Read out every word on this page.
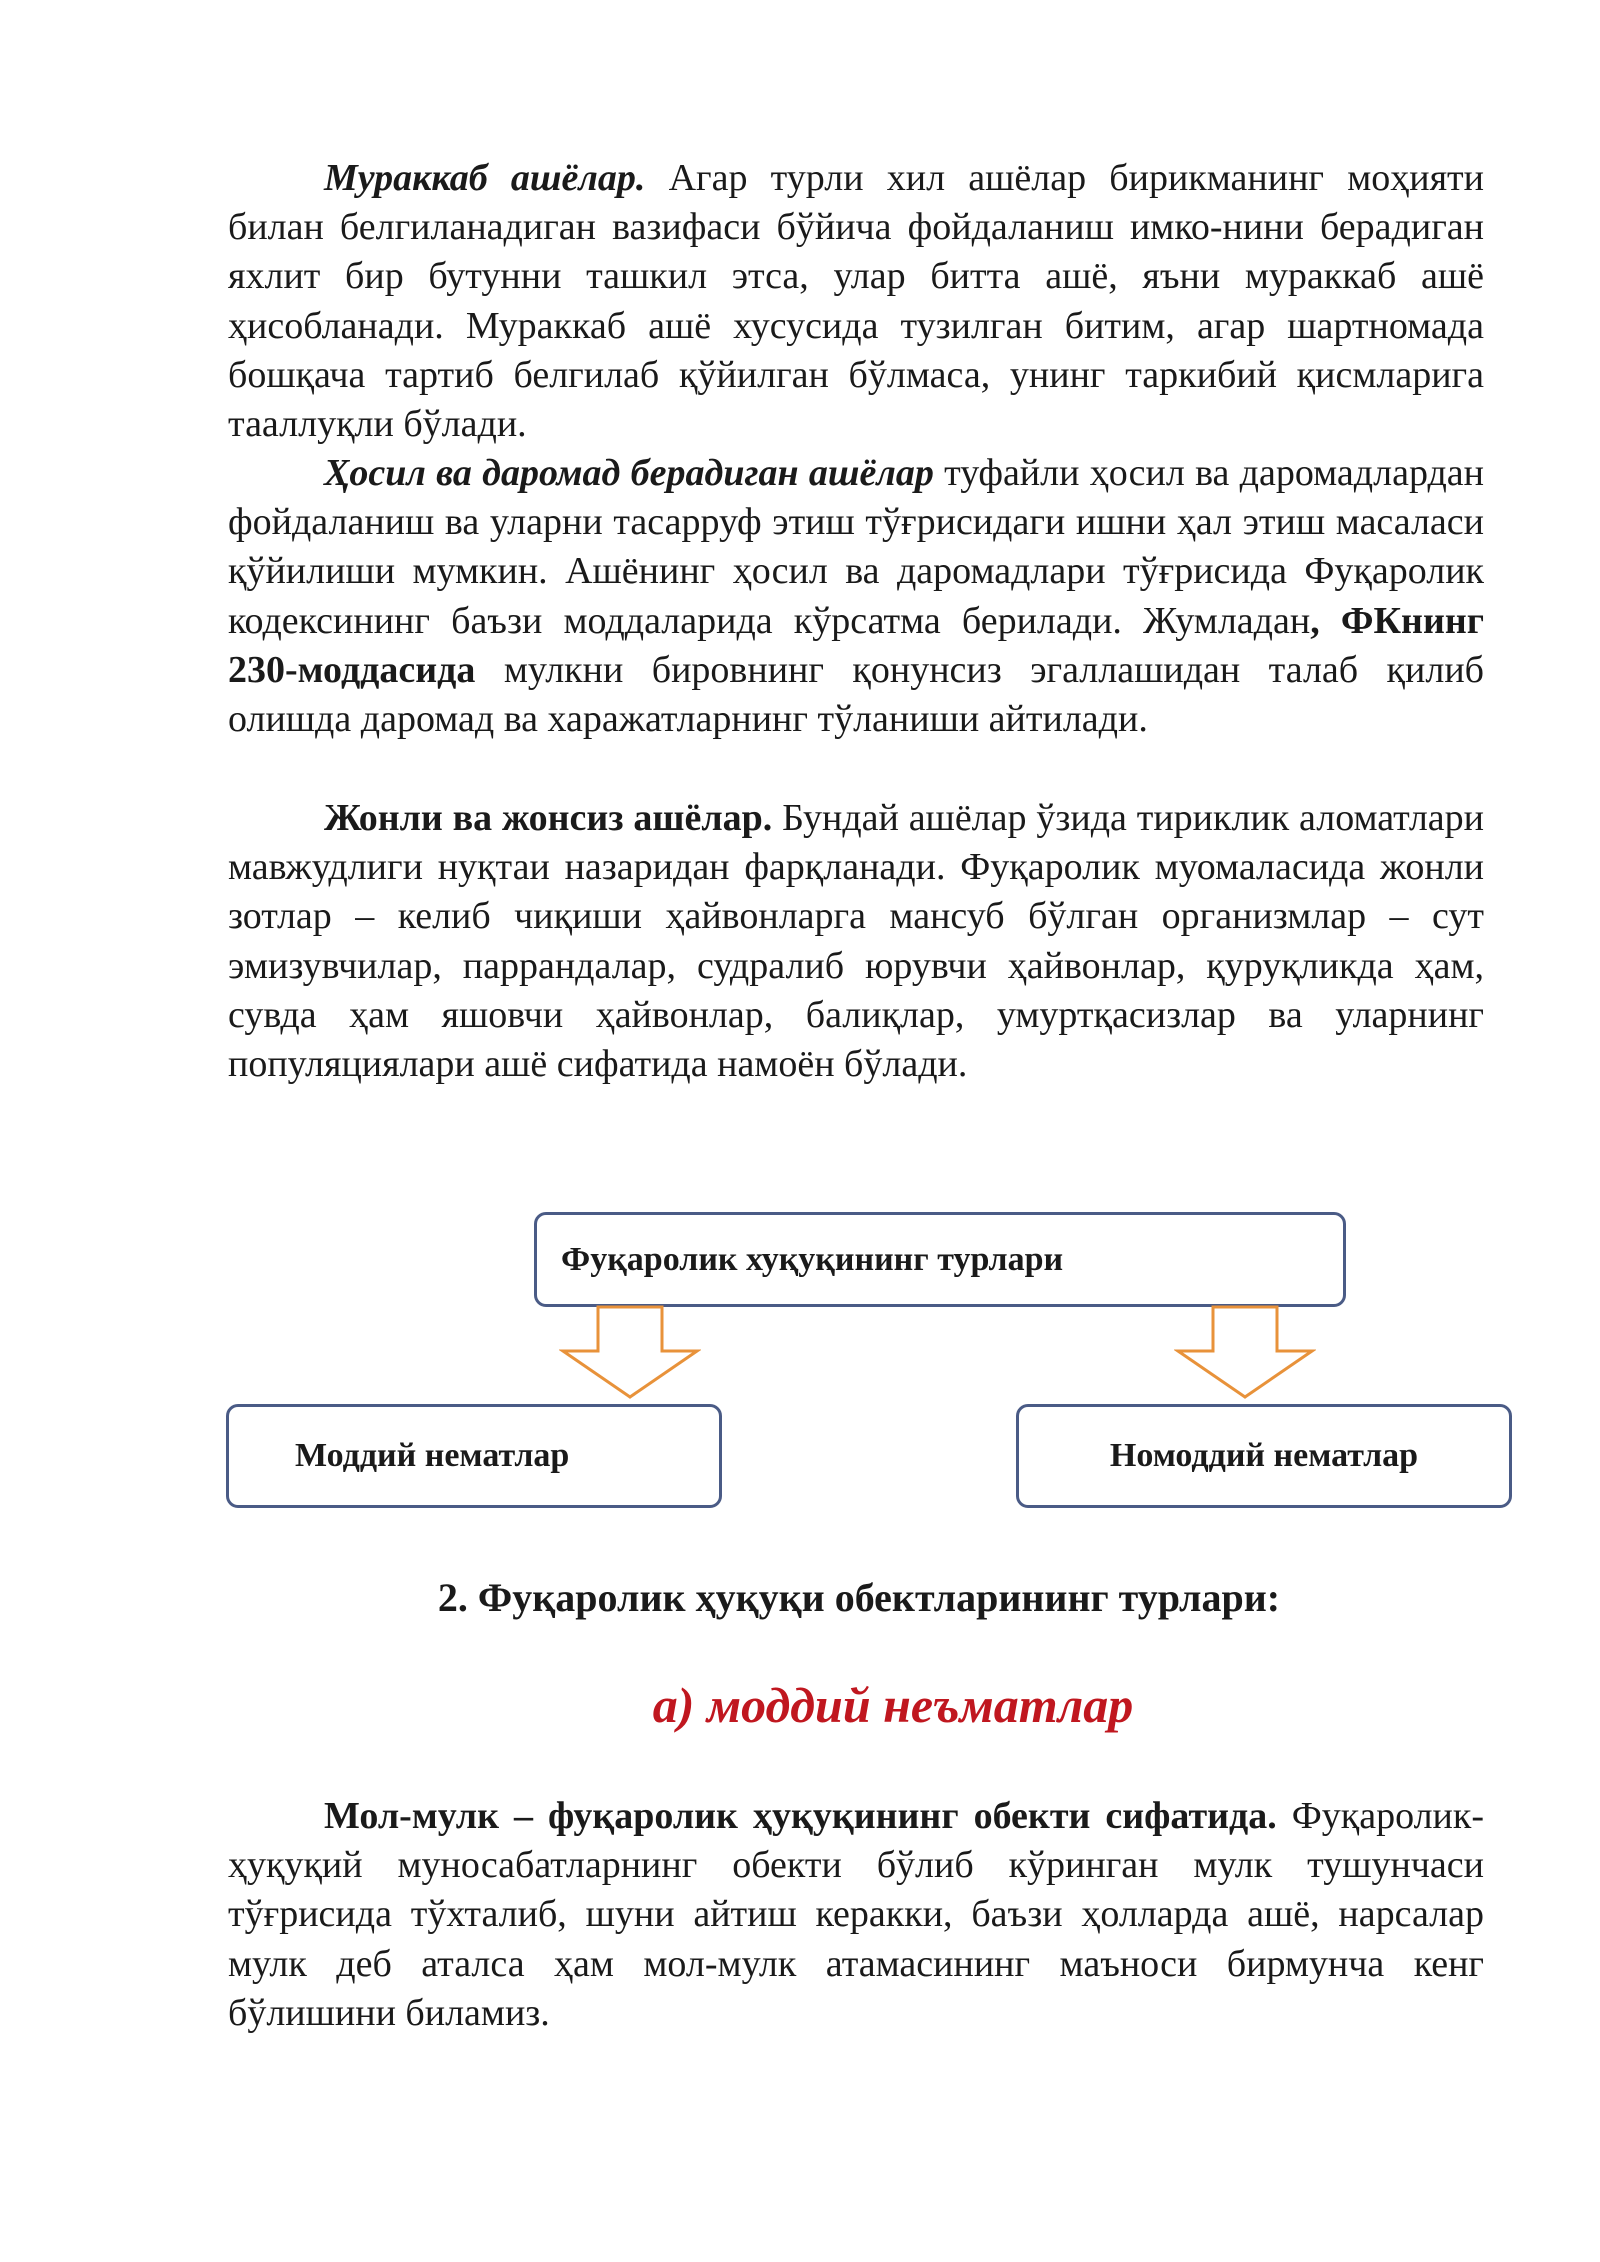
Мураккаб ашёлар. Агар турли хил ашёлар бирикманинг моҳияти билан белгиланадиган вазифаси бўйича фойдаланиш имко-нини берадиган яхлит бир бутунни ташкил этса, улар битта ашё, яъни мураккаб ашё ҳисобланади. Мураккаб ашё хусусида тузилган битим, агар шартномада бошқача тартиб белгилаб қўйилган бўлмаса, унинг таркибий қисмларига тааллуқли бўлади.

Ҳосил ва даромад берадиган ашёлар туфайли ҳосил ва даромадлардан фойдаланиш ва уларни тасарруф этиш тўғрисидаги ишни ҳал этиш масаласи қўйилиши мумкин. Ашёнинг ҳосил ва даромадлари тўғрисида Фуқаролик кодексининг баъзи моддаларида кўрсатма берилади. Жумладан, ФКнинг 230-моддасида мулкни бировнинг қонунсиз эгаллашидан талаб қилиб олишда даромад ва харажатларнинг тўланиши айтилади.

Жонли ва жонсиз ашёлар. Бундай ашёлар ўзида тириклик аломатлари мавжудлиги нуқтаи назаридан фарқланади. Фуқаролик муомаласида жонли зотлар – келиб чиқиши ҳайвонларга мансуб бўлган организмлар – сут эмизувчилар, паррандалар, судралиб юрувчи ҳайвонлар, қуруқликда ҳам, сувда ҳам яшовчи ҳайвонлар, балиқлар, умуртқасизлар ва уларнинг популяциялари ашё сифатида намоён бўлади.

Фуқаролик хуқуқининг турлари
Моддий нематлар	Номоддий нематлар
2. Фуқаролик ҳуқуқи обектларининг турлари:
а) моддий неъматлар

Мол-мулк – фуқаролик ҳуқуқининг обекти сифатида. Фуқаролик-ҳуқуқий муносабатларнинг обекти бўлиб кўринган мулк тушунчаси тўғрисида тўхталиб, шуни айтиш керакки, баъзи ҳолларда ашё, нарсалар мулк деб аталса ҳам мол-мулк атамасининг маъноси бирмунча кенг бўлишини биламиз.
